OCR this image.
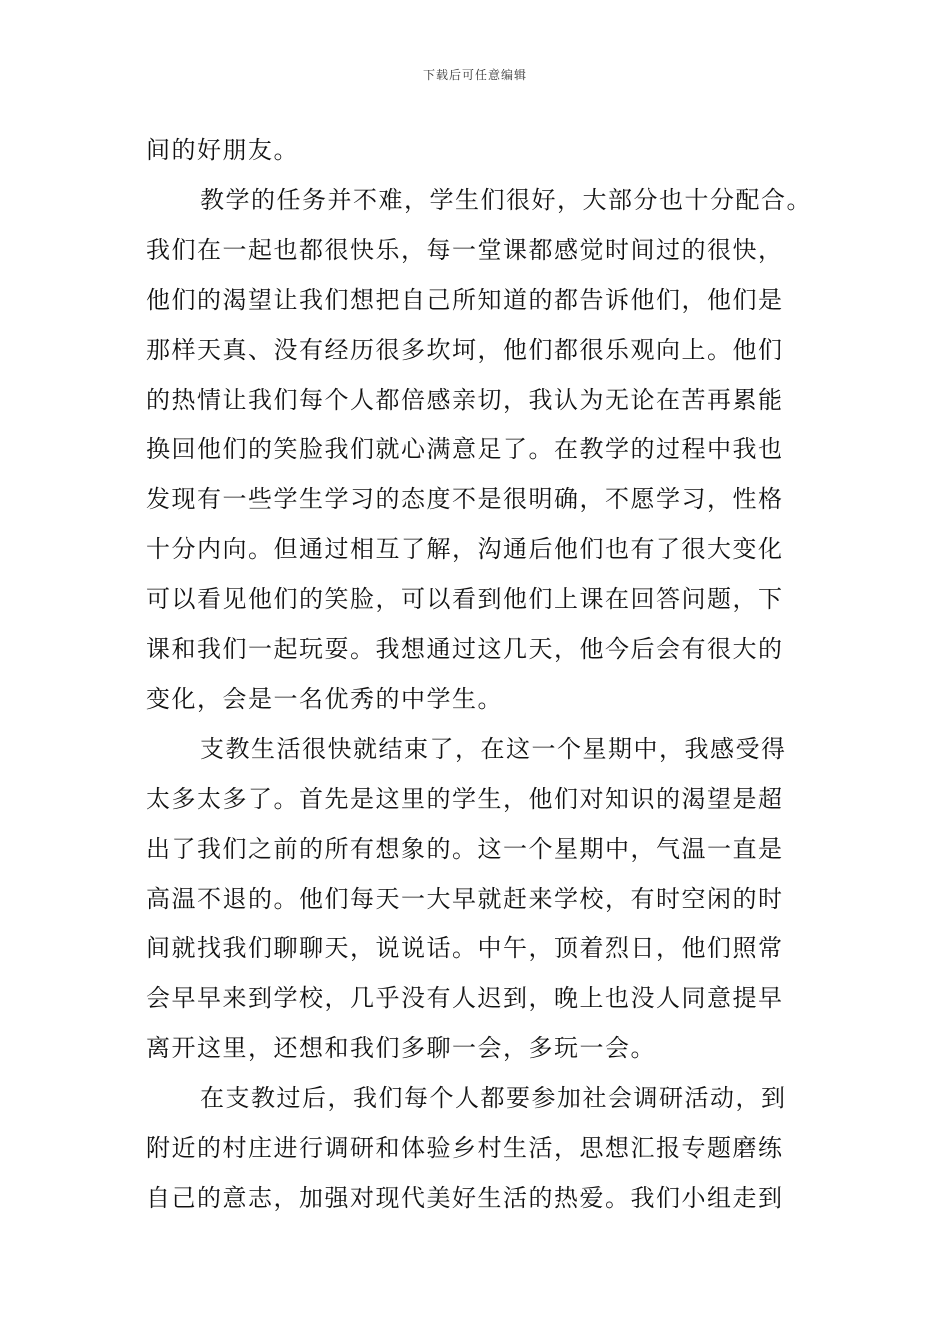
下载后可任意编辑
间的好朋友。
教学的任务并不难，学生们很好，大部分也十分配合。
我们在一起也都很快乐，每一堂课都感觉时间过的很快，
他们的渴望让我们想把自己所知道的都告诉他们，他们是
那样天真、没有经历很多坎坷，他们都很乐观向上。他们
的热情让我们每个人都倍感亲切，我认为无论在苦再累能
换回他们的笑脸我们就心满意足了。在教学的过程中我也
发现有一些学生学习的态度不是很明确，不愿学习，性格
十分内向。但通过相互了解，沟通后他们也有了很大变化
可以看见他们的笑脸，可以看到他们上课在回答问题，下
课和我们一起玩耍。我想通过这几天，他今后会有很大的
变化，会是一名优秀的中学生。
支教生活很快就结束了，在这一个星期中，我感受得
太多太多了。首先是这里的学生，他们对知识的渴望是超
出了我们之前的所有想象的。这一个星期中，气温一直是
高温不退的。他们每天一大早就赶来学校，有时空闲的时
间就找我们聊聊天，说说话。中午，顶着烈日，他们照常
会早早来到学校，几乎没有人迟到，晚上也没人同意提早
离开这里，还想和我们多聊一会，多玩一会。
在支教过后，我们每个人都要参加社会调研活动，到
附近的村庄进行调研和体验乡村生活，思想汇报专题磨练
自己的意志，加强对现代美好生活的热爱。我们小组走到
